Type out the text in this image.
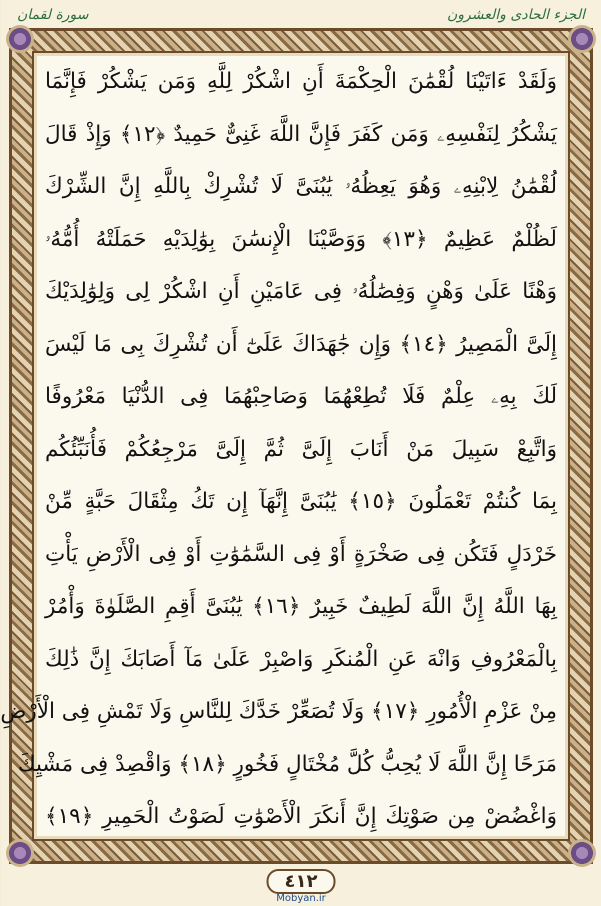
الجزء الحادى والعشرون
سورة لقمان
وَلَقَدْ ءَاتَيْنَا لُقْمَٰنَ الْحِكْمَةَ أَنِ اشْكُرْ لِلَّهِ وَمَن يَشْكُرْ فَإِنَّمَا
يَشْكُرُ لِنَفْسِهِۦ وَمَن كَفَرَ فَإِنَّ اللَّهَ غَنِىٌّ حَمِيدٌ ﴿١٢﴾ وَإِذْ قَالَ
لُقْمَٰنُ لِابْنِهِۦ وَهُوَ يَعِظُهُۥ يَٰبُنَىَّ لَا تُشْرِكْ بِاللَّهِ إِنَّ الشِّرْكَ
لَظُلْمٌ عَظِيمٌ ﴿١٣﴾ وَوَصَّيْنَا الْإِنسَٰنَ بِوَٰلِدَيْهِ حَمَلَتْهُ أُمُّهُۥ
وَهْنًا عَلَىٰ وَهْنٍ وَفِصَٰلُهُۥ فِى عَامَيْنِ أَنِ اشْكُرْ لِى وَلِوَٰلِدَيْكَ
إِلَىَّ الْمَصِيرُ ﴿١٤﴾ وَإِن جَٰهَدَاكَ عَلَىٰٓ أَن تُشْرِكَ بِى مَا لَيْسَ
لَكَ بِهِۦ عِلْمٌ فَلَا تُطِعْهُمَا وَصَاحِبْهُمَا فِى الدُّنْيَا مَعْرُوفًا
وَاتَّبِعْ سَبِيلَ مَنْ أَنَابَ إِلَىَّ ثُمَّ إِلَىَّ مَرْجِعُكُمْ فَأُنَبِّئُكُم
بِمَا كُنتُمْ تَعْمَلُونَ ﴿١٥﴾ يَٰبُنَىَّ إِنَّهَآ إِن تَكُ مِثْقَالَ حَبَّةٍ مِّنْ
خَرْدَلٍ فَتَكُن فِى صَخْرَةٍ أَوْ فِى السَّمَٰوَٰتِ أَوْ فِى الْأَرْضِ يَأْتِ
بِهَا اللَّهُ إِنَّ اللَّهَ لَطِيفٌ خَبِيرٌ ﴿١٦﴾ يَٰبُنَىَّ أَقِمِ الصَّلَوٰةَ وَأْمُرْ
بِالْمَعْرُوفِ وَانْهَ عَنِ الْمُنكَرِ وَاصْبِرْ عَلَىٰ مَآ أَصَابَكَ إِنَّ ذَٰلِكَ
مِنْ عَزْمِ الْأُمُورِ ﴿١٧﴾ وَلَا تُصَعِّرْ خَدَّكَ لِلنَّاسِ وَلَا تَمْشِ فِى الْأَرْضِ
مَرَحًا إِنَّ اللَّهَ لَا يُحِبُّ كُلَّ مُخْتَالٍ فَخُورٍ ﴿١٨﴾ وَاقْصِدْ فِى مَشْيِكَ
وَاغْضُضْ مِن صَوْتِكَ إِنَّ أَنكَرَ الْأَصْوَٰتِ لَصَوْتُ الْحَمِيرِ ﴿١٩﴾
٤١٢
Mobyan.ir
